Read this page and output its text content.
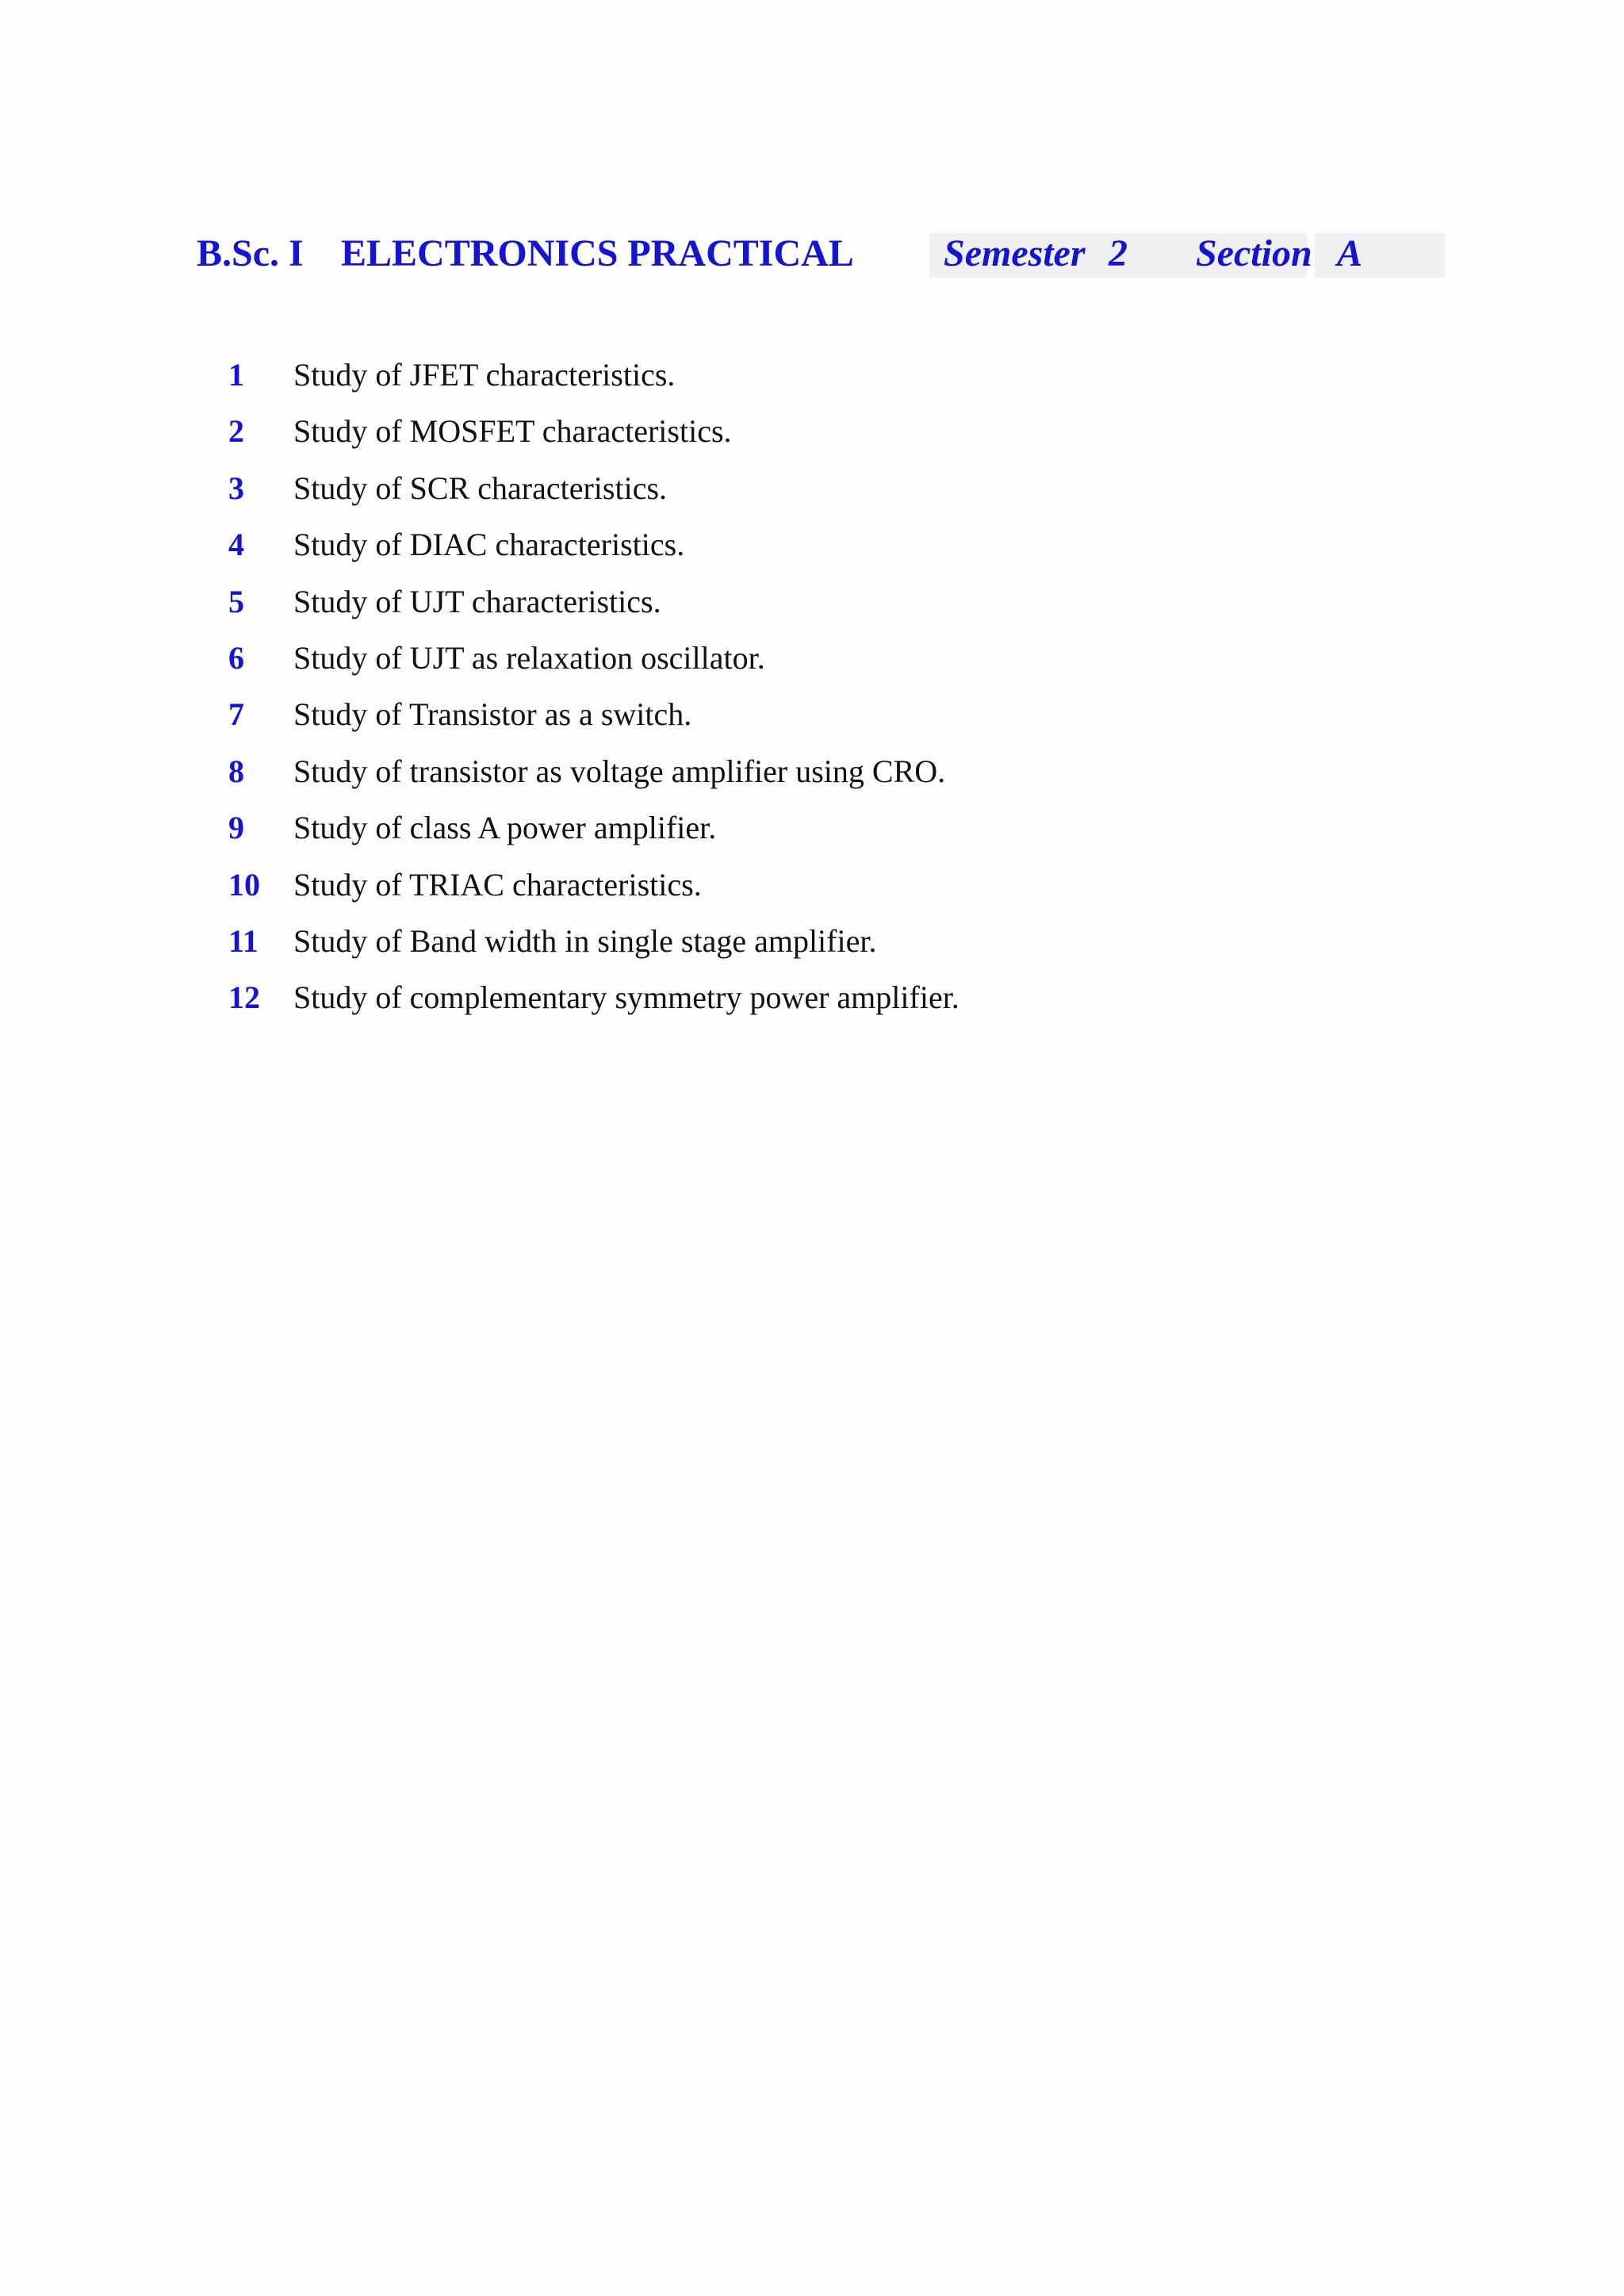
B.Sc. I ELECTRONICS PRACTICAL Semester 2 Section A
1 Study of JFET characteristics.
2 Study of MOSFET characteristics.
3 Study of SCR characteristics.
4 Study of DIAC characteristics.
5 Study of UJT characteristics.
6 Study of UJT as relaxation oscillator.
7 Study of Transistor as a switch.
8 Study of transistor as voltage amplifier using CRO.
9 Study of class A power amplifier.
10 Study of TRIAC characteristics.
11 Study of Band width in single stage amplifier.
12 Study of complementary symmetry power amplifier.
